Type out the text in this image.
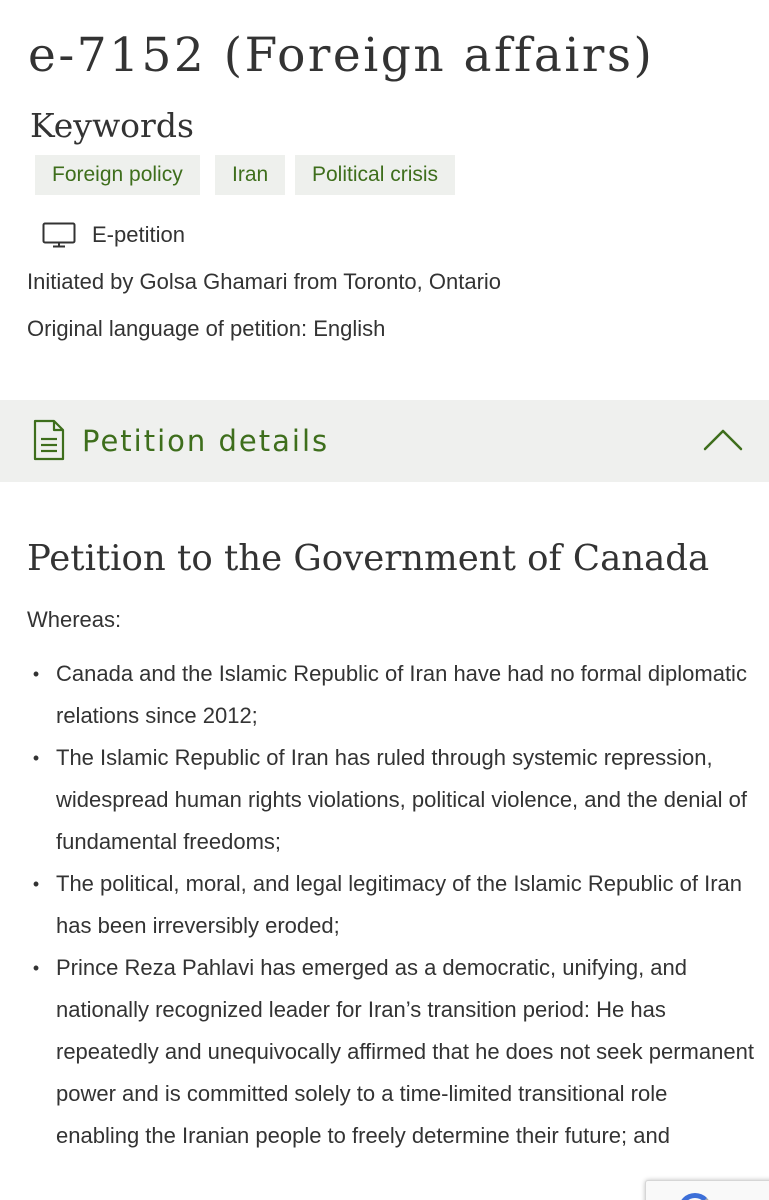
e-7152 (Foreign affairs)
Keywords
Foreign policy	Iran	Political crisis
E-petition

Initiated by Golsa Ghamari from Toronto, Ontario

Original language of petition: English

Petition details
Petition to the Government of Canada

Whereas:

• Canada and the Islamic Republic of Iran have had no formal diplomatic relations since 2012;
• The Islamic Republic of Iran has ruled through systemic repression, widespread human rights violations, political violence, and the denial of fundamental freedoms;
• The political, moral, and legal legitimacy of the Islamic Republic of Iran has been irreversibly eroded;
• Prince Reza Pahlavi has emerged as a democratic, unifying, and nationally recognized leader for Iran’s transition period: He has repeatedly and unequivocally affirmed that he does not seek permanent power and is committed solely to a time-limited transitional role enabling the Iranian people to freely determine their future; and
